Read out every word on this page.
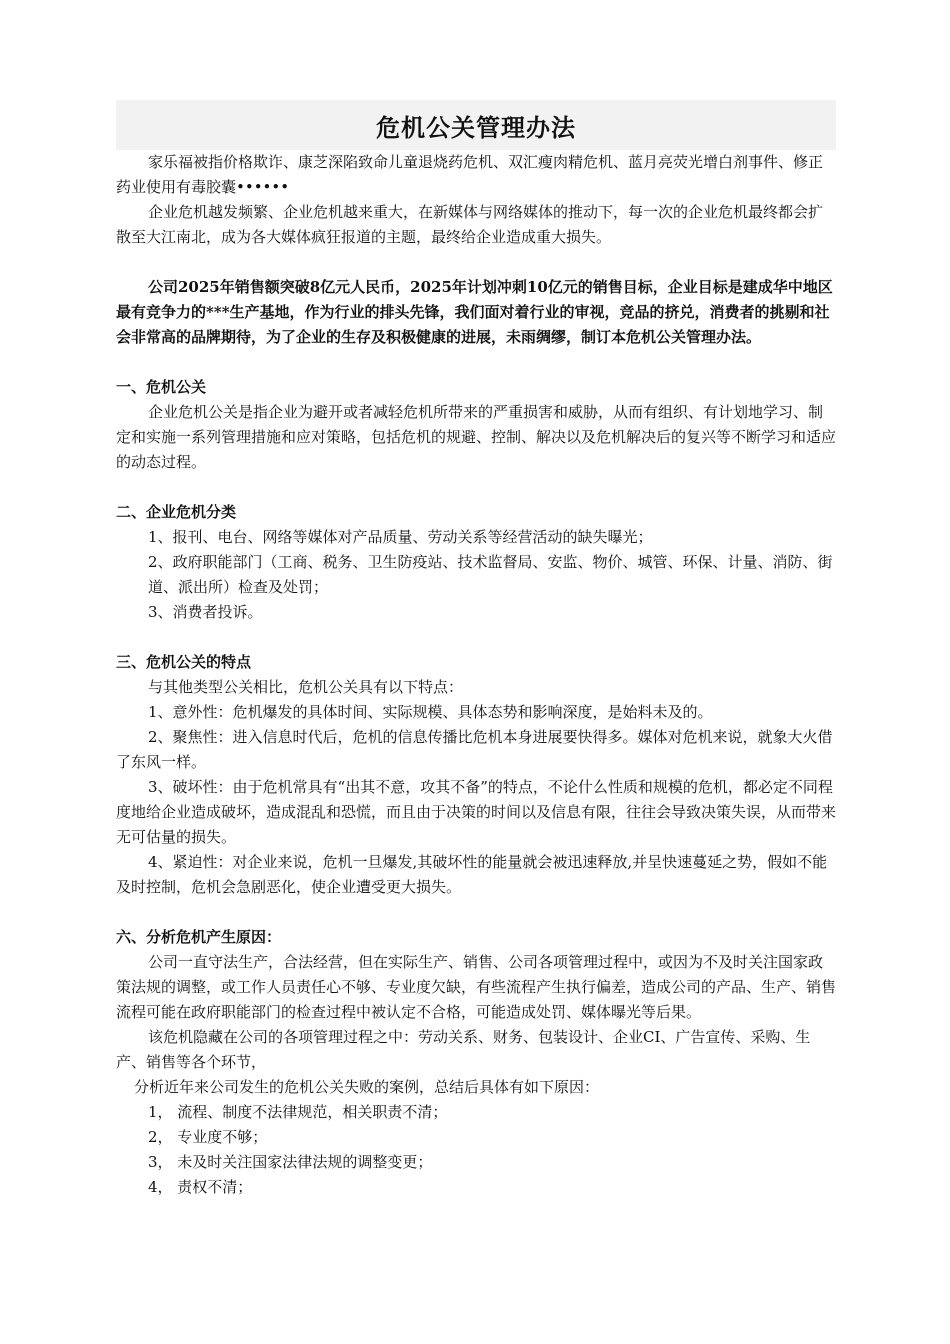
危机公关管理办法

家乐福被指价格欺诈、康芝深陷致命儿童退烧药危机、双汇瘦肉精危机、蓝月亮荧光增白剂事件、修正药业使用有毒胶囊••••••

企业危机越发频繁、企业危机越来重大，在新媒体与网络媒体的推动下，每一次的企业危机最终都会扩散至大江南北，成为各大媒体疯狂报道的主题，最终给企业造成重大损失。

公司2025年销售额突破8亿元人民币，2025年计划冲刺10亿元的销售目标，企业目标是建成华中地区最有竞争力的***生产基地，作为行业的排头先锋，我们面对着行业的审视，竞品的挤兑，消费者的挑剔和社会非常高的品牌期待，为了企业的生存及积极健康的进展，未雨绸缪，制订本危机公关管理办法。

一、危机公关

企业危机公关是指企业为避开或者减轻危机所带来的严重损害和威胁，从而有组织、有计划地学习、制定和实施一系列管理措施和应对策略，包括危机的规避、控制、解决以及危机解决后的复兴等不断学习和适应的动态过程。

二、企业危机分类

1、报刊、电台、网络等媒体对产品质量、劳动关系等经营活动的缺失曝光；

2、政府职能部门（工商、税务、卫生防疫站、技术监督局、安监、物价、城管、环保、计量、消防、街道、派出所）检查及处罚；

3、消费者投诉。

三、危机公关的特点

与其他类型公关相比，危机公关具有以下特点：

1、意外性：危机爆发的具体时间、实际规模、具体态势和影响深度，是始料未及的。

2、聚焦性：进入信息时代后，危机的信息传播比危机本身进展要快得多。媒体对危机来说，就象大火借了东风一样。

3、破坏性：由于危机常具有“出其不意，攻其不备”的特点，不论什么性质和规模的危机，都必定不同程度地给企业造成破坏，造成混乱和恐慌，而且由于决策的时间以及信息有限，往往会导致决策失误，从而带来无可估量的损失。

4、紧迫性：对企业来说，危机一旦爆发,其破坏性的能量就会被迅速释放,并呈快速蔓延之势，假如不能及时控制，危机会急剧恶化，使企业遭受更大损失。

六、分析危机产生原因：

公司一直守法生产，合法经营，但在实际生产、销售、公司各项管理过程中，或因为不及时关注国家政策法规的调整，或工作人员责任心不够、专业度欠缺，有些流程产生执行偏差，造成公司的产品、生产、销售流程可能在政府职能部门的检查过程中被认定不合格，可能造成处罚、媒体曝光等后果。

该危机隐藏在公司的各项管理过程之中：劳动关系、财务、包装设计、企业CI、广告宣传、采购、生产、销售等各个环节，

分析近年来公司发生的危机公关失败的案例，总结后具体有如下原因：

1， 流程、制度不法律规范，相关职责不清；

2， 专业度不够；

3， 未及时关注国家法律法规的调整变更；

4， 责权不清；
